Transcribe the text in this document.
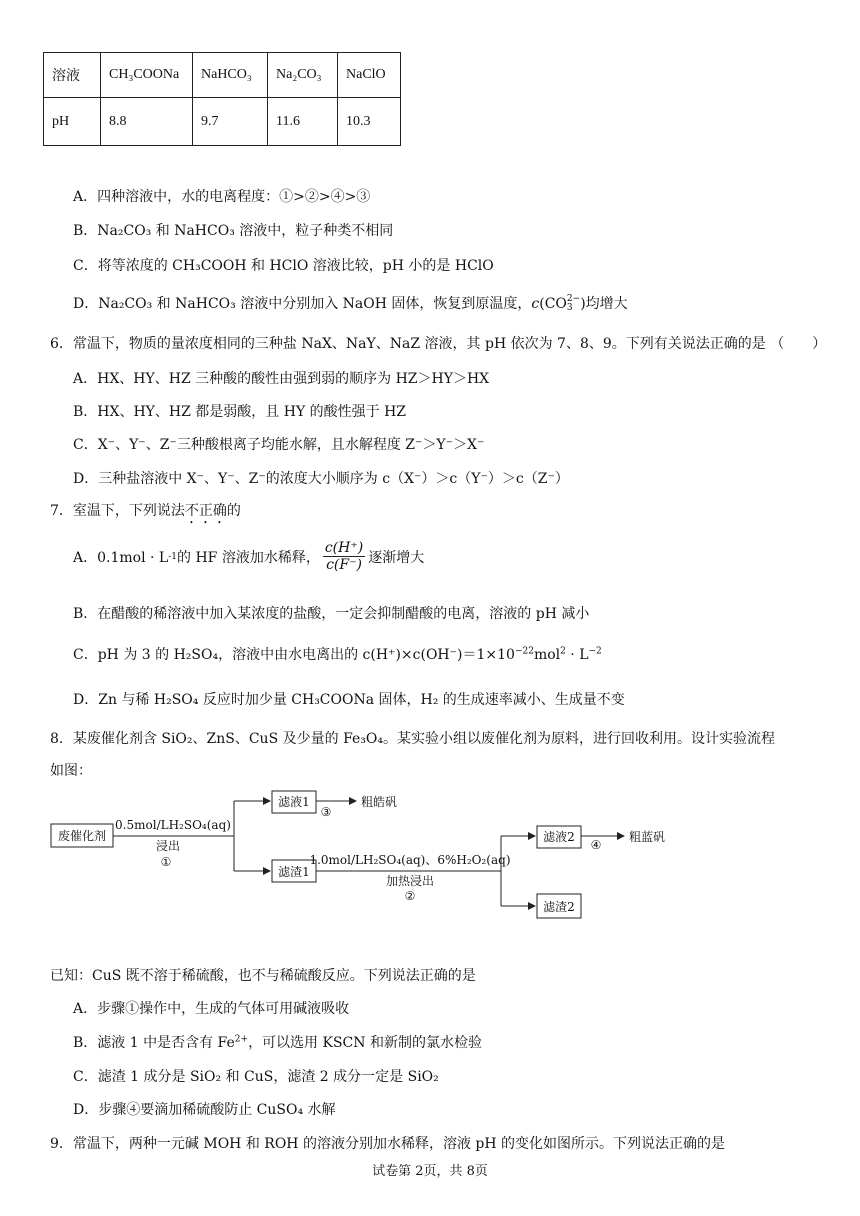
溶液	CH₃COONa	NaHCO₃	Na₂CO₃	NaClO
pH	8.8	9.7	11.6	10.3
A．四种溶液中，水的电离程度：①>②>④>③
B．Na₂CO₃ 和 NaHCO₃ 溶液中，粒子种类不相同
C．将等浓度的 CH₃COOH 和 HClO 溶液比较，pH 小的是 HClO
D．Na₂CO₃ 和 NaHCO₃ 溶液中分别加入 NaOH 固体，恢复到原温度，c(CO 2−
3 )均增大
6．常温下，物质的量浓度相同的三种盐 NaX、NaY、NaZ 溶液，其 pH 依次为 7、8、9。下列有关说法正确的是 （　　）
A．HX、HY、HZ 三种酸的酸性由强到弱的顺序为 HZ＞HY＞HX
B．HX、HY、HZ 都是弱酸，且 HY 的酸性强于 HZ
C．X⁻、Y⁻、Z⁻三种酸根离子均能水解，且水解程度 Z⁻＞Y⁻＞X⁻
D．三种盐溶液中 X⁻、Y⁻、Z⁻的浓度大小顺序为 c（X⁻）＞c（Y⁻）＞c（Z⁻）
7．室温下，下列说法不正确的
A．0.1mol · L -1 的 HF 溶液加水稀释， $\frac{c(H^+)}{c(F^-)}$ 逐渐增大
B．在醋酸的稀溶液中加入某浓度的盐酸，一定会抑制醋酸的电离，溶液的 pH 减小
C．pH 为 3 的 H₂SO₄，溶液中由水电离出的 $c(H^+)\times c(OH^-)=1\times 10^{-22}mol^2 \cdot L^{-2}$
D．Zn 与稀 H₂SO₄ 反应时加少量 CH₃COONa 固体，H₂ 的生成速率减小、生成量不变
8．某废催化剂含 SiO₂、ZnS、CuS 及少量的 Fe₃O₄。某实验小组以废催化剂为原料，进行回收利用。设计实验流程
如图：
废催化剂
0.5mol/LH₂SO₄(aq)
浸出
①
滤液1
③
粗皓矾
滤渣1
1.0mol/LH₂SO₄(aq)、6%H₂O₂(aq)
加热浸出
②
滤液2
④
粗蓝矾
滤渣2
已知：CuS 既不溶于稀硫酸，也不与稀硫酸反应。下列说法正确的是
A．步骤①操作中，生成的气体可用碱液吸收
B．滤液 1 中是否含有 $Fe^{2+}$，可以选用 KSCN 和新制的氯水检验
C．滤渣 1 成分是 SiO₂ 和 CuS，滤渣 2 成分一定是 SiO₂
D．步骤④要滴加稀硫酸防止 CuSO₄ 水解
9．常温下，两种一元碱 MOH 和 ROH 的溶液分别加水稀释，溶液 pH 的变化如图所示。下列说法正确的是
试卷第 2页，共 8页
